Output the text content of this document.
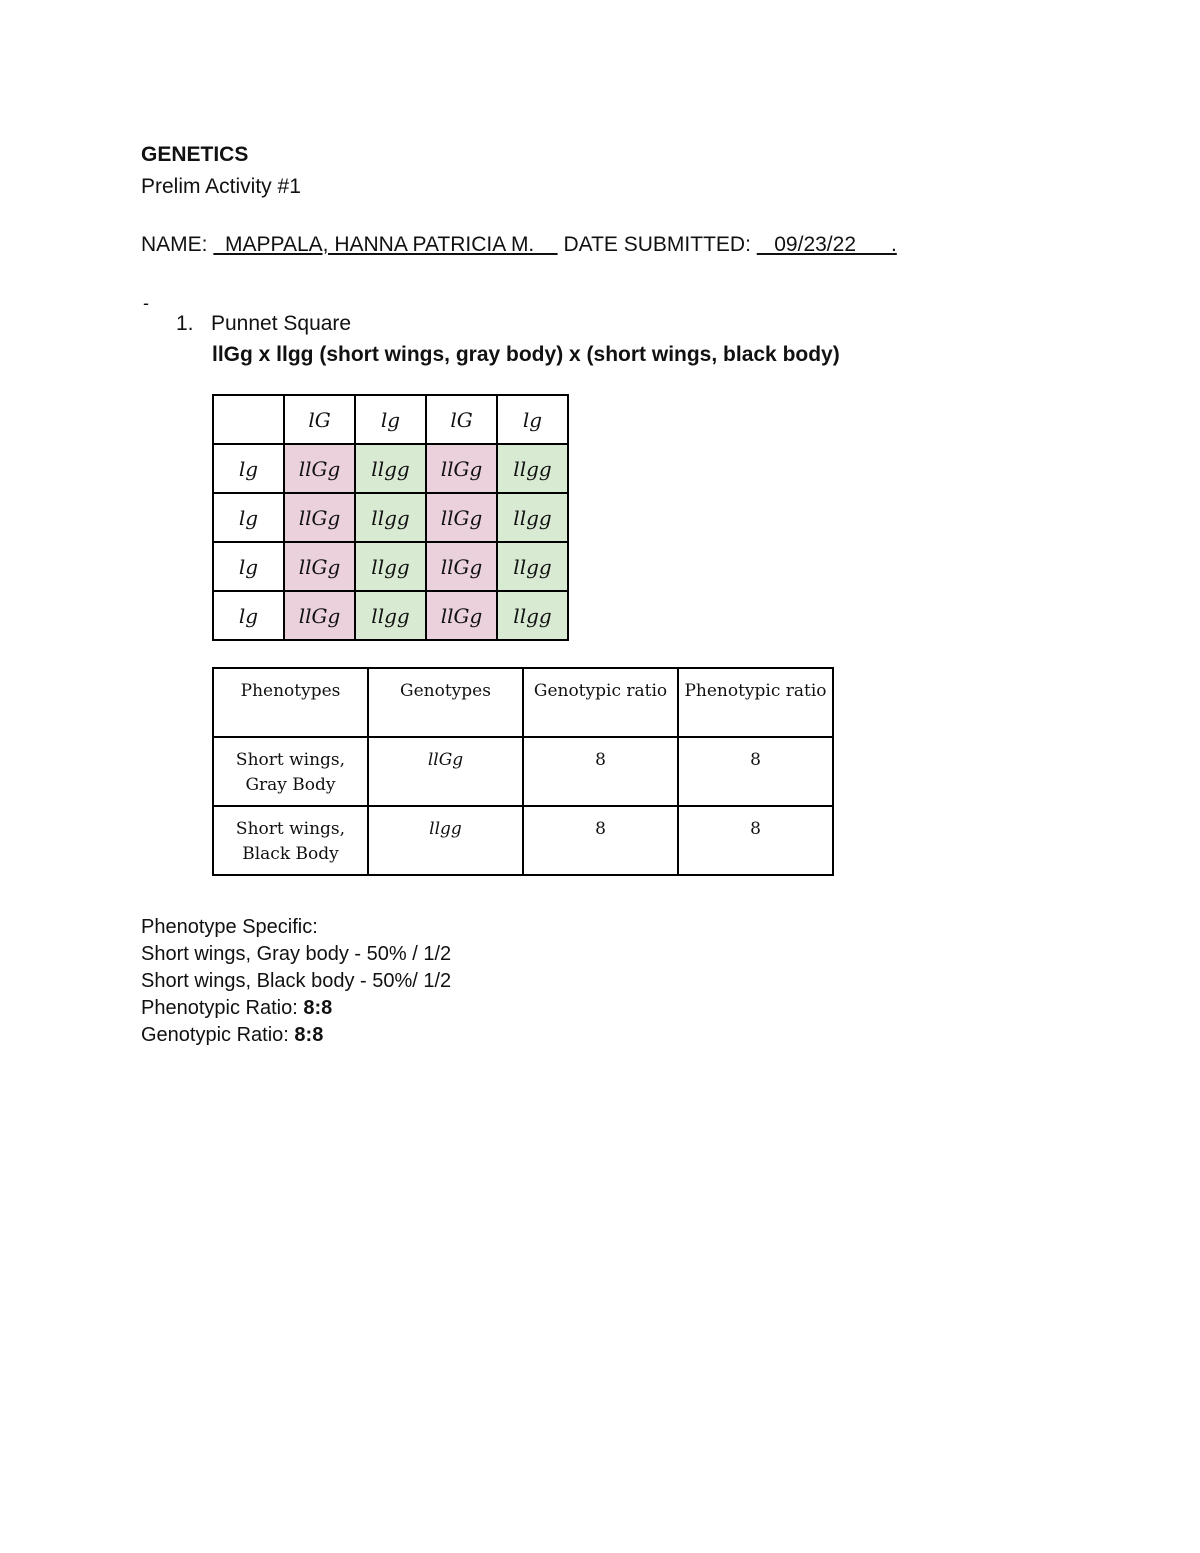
GENETICS
Prelim Activity #1
NAME:   MAPPALA, HANNA PATRICIA M.     DATE SUBMITTED:    09/23/22      .
-
1. Punnet Square
llGg x llgg (short wings, gray body) x (short wings, black body)
	lG	lg	lG	lg
lg	llGg	llgg	llGg	llgg
lg	llGg	llgg	llGg	llgg
lg	llGg	llgg	llGg	llgg
lg	llGg	llgg	llGg	llgg
Phenotypes	Genotypes	Genotypic ratio	Phenotypic ratio
Short wings, Gray Body	llGg	8	8
Short wings, Black Body	llgg	8	8
Phenotype Specific:
Short wings, Gray body - 50% / 1/2
Short wings, Black body - 50%/ 1/2
Phenotypic Ratio: 8:8
Genotypic Ratio: 8:8
